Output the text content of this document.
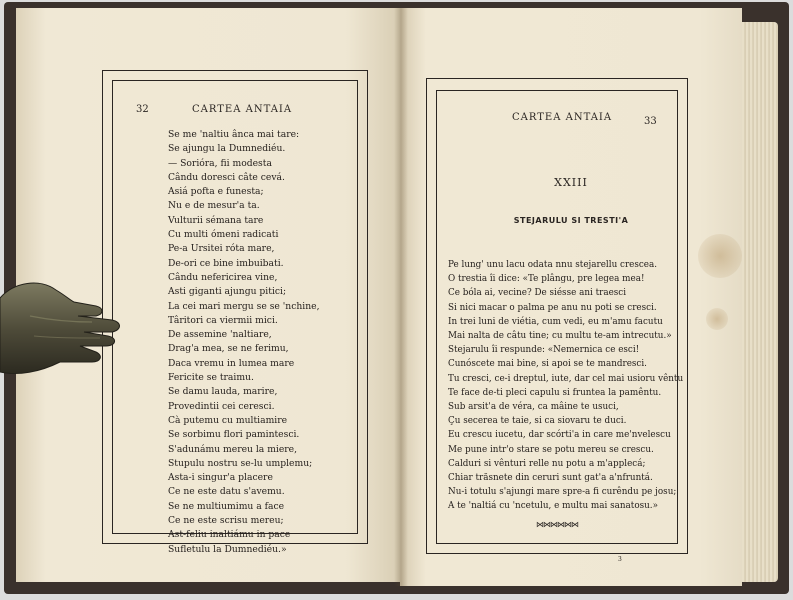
32	CARTEA ANTAIA
Se me 'naltiu ânca mai tare:
Se ajungu la Dumnediéu.
— Sorióra, fii modesta
Cându doresci câte cevá.
Asiá pofta e funesta;
Nu e de mesur'a ta.
Vulturii sémana tare
Cu multi ómeni radicati
Pe-a Ursitei róta mare,
De-ori ce bine imbuibati.
Cându nefericirea vine,
Asti giganti ajungu pitici;
La cei mari mergu se se 'nchine,
Târitori ca viermii mici.
De assemine 'naltiare,
Drag'a mea, se ne ferimu,
Daca vremu in lumea mare
Fericite se traimu.
Se damu lauda, marire,
Provedintii cei ceresci.
Cà putemu cu multiamire
Se sorbimu flori pamintesci.
S'adunámu mereu la miere,
Stupulu nostru se-lu umplemu;
Asta-i singur'a placere
Ce ne este datu s'avemu.
Se ne multiumimu a face
Ce ne este scrisu mereu;
Ast-feliu inaltiámu in pace
Sufletulu la Dumnediéu.»
CARTEA ANTAIA	33
XXIII
STEJARULU SI TRESTI'A
Pe lung' unu lacu odata nnu stejarellu crescea.
O trestia îi dice: «Te plângu, pre legea mea!
Ce bóla ai, vecine? De siésse ani traesci
Si nici macar o palma pe anu nu poti se cresci.
In trei luni de viétia, cum vedi, eu m'amu facutu
Mai nalta de câtu tine; cu multu te-am intrecutu.»
Stejarulu îi respunde: «Nemernica ce esci!
Cunóscete mai bine, si apoi se te mandresci.
Tu cresci, ce-i dreptul, iute, dar cel mai usioru vêntu
Te face de-ti pleci capulu si fruntea la pamêntu.
Sub arsit'a de véra, ca mâine te usuci,
Çu secerea te taie, si ca siovaru te duci.
Eu crescu iucetu, dar scórti'a in care me'nvelescu
Me pune intr'o stare se potu mereu se crescu.
Calduri si vênturi relle nu potu a m'applecá;
Chiar trăsnete din ceruri sunt gat'a a'nfruntá.
Nu-i totulu s'ajungi mare spre-a fi curêndu pe josu;
A te 'naltiá cu 'ncetulu, e multu mai sanatosu.»
⋈⋈⋈⋈⋈⋈
3
